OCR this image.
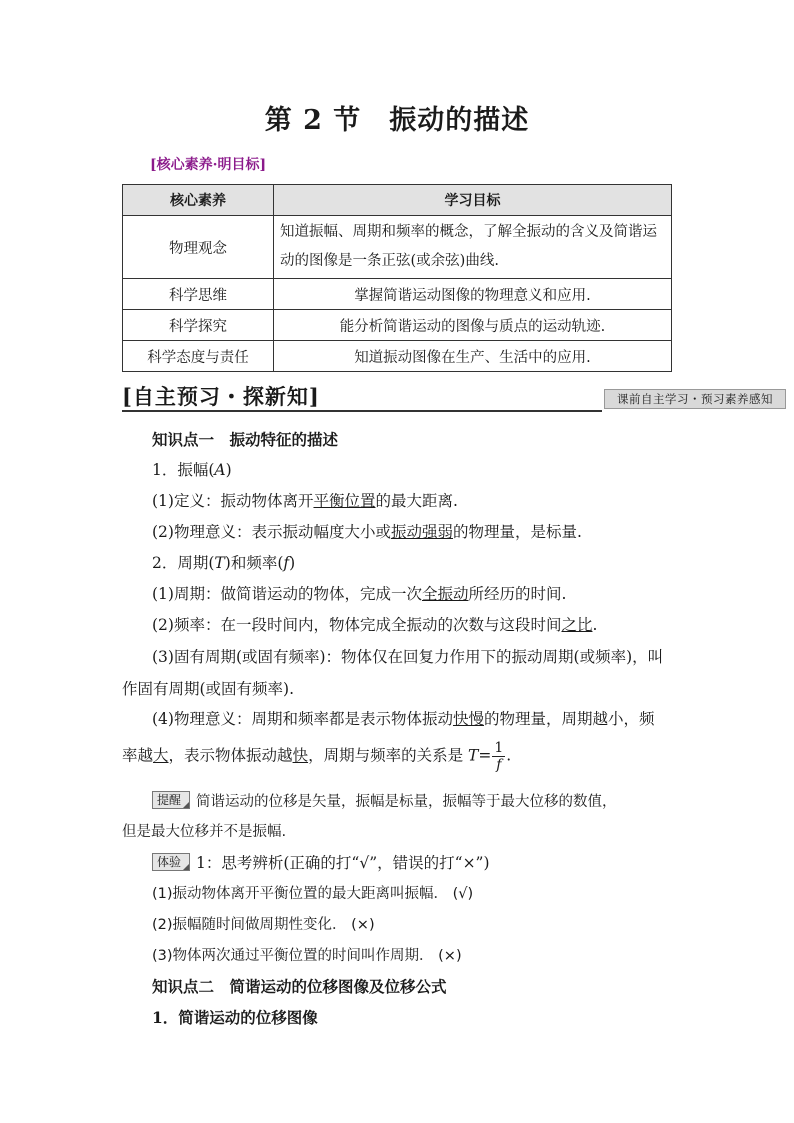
第 2 节 振动的描述
[核心素养·明目标]
核心素养	学习目标
物理观念	知道振幅、周期和频率的概念，了解全振动的含义及简谐运动的图像是一条正弦(或余弦)曲线.
科学思维	掌握简谐运动图像的物理意义和应用.
科学探究	能分析简谐运动的图像与质点的运动轨迹.
科学态度与责任	知道振动图像在生产、生活中的应用.
[自主预习・探新知]	课前自主学习・预习素养感知
知识点一　振动特征的描述
1．振幅(A)
(1)定义：振动物体离开平衡位置的最大距离.
(2)物理意义：表示振动幅度大小或振动强弱的物理量，是标量.
2．周期(T)和频率(f)
(1)周期：做简谐运动的物体，完成一次全振动所经历的时间.
(2)频率：在一段时间内，物体完成全振动的次数与这段时间之比.
(3)固有周期(或固有频率)：物体仅在回复力作用下的振动周期(或频率)，叫
作固有周期(或固有频率).
(4)物理意义：周期和频率都是表示物体振动快慢的物理量，周期越小，频
率越大，表示物体振动越快，周期与频率的关系是 $T= \frac{1}{f}$ .
提醒 简谐运动的位移是矢量，振幅是标量，振幅等于最大位移的数值，
但是最大位移并不是振幅.
体验 1：思考辨析(正确的打“√”，错误的打“×”)
(1)振动物体离开平衡位置的最大距离叫振幅． (√)
(2)振幅随时间做周期性变化． (×)
(3)物体两次通过平衡位置的时间叫作周期． (×)
知识点二　简谐运动的位移图像及位移公式
1．简谐运动的位移图像
